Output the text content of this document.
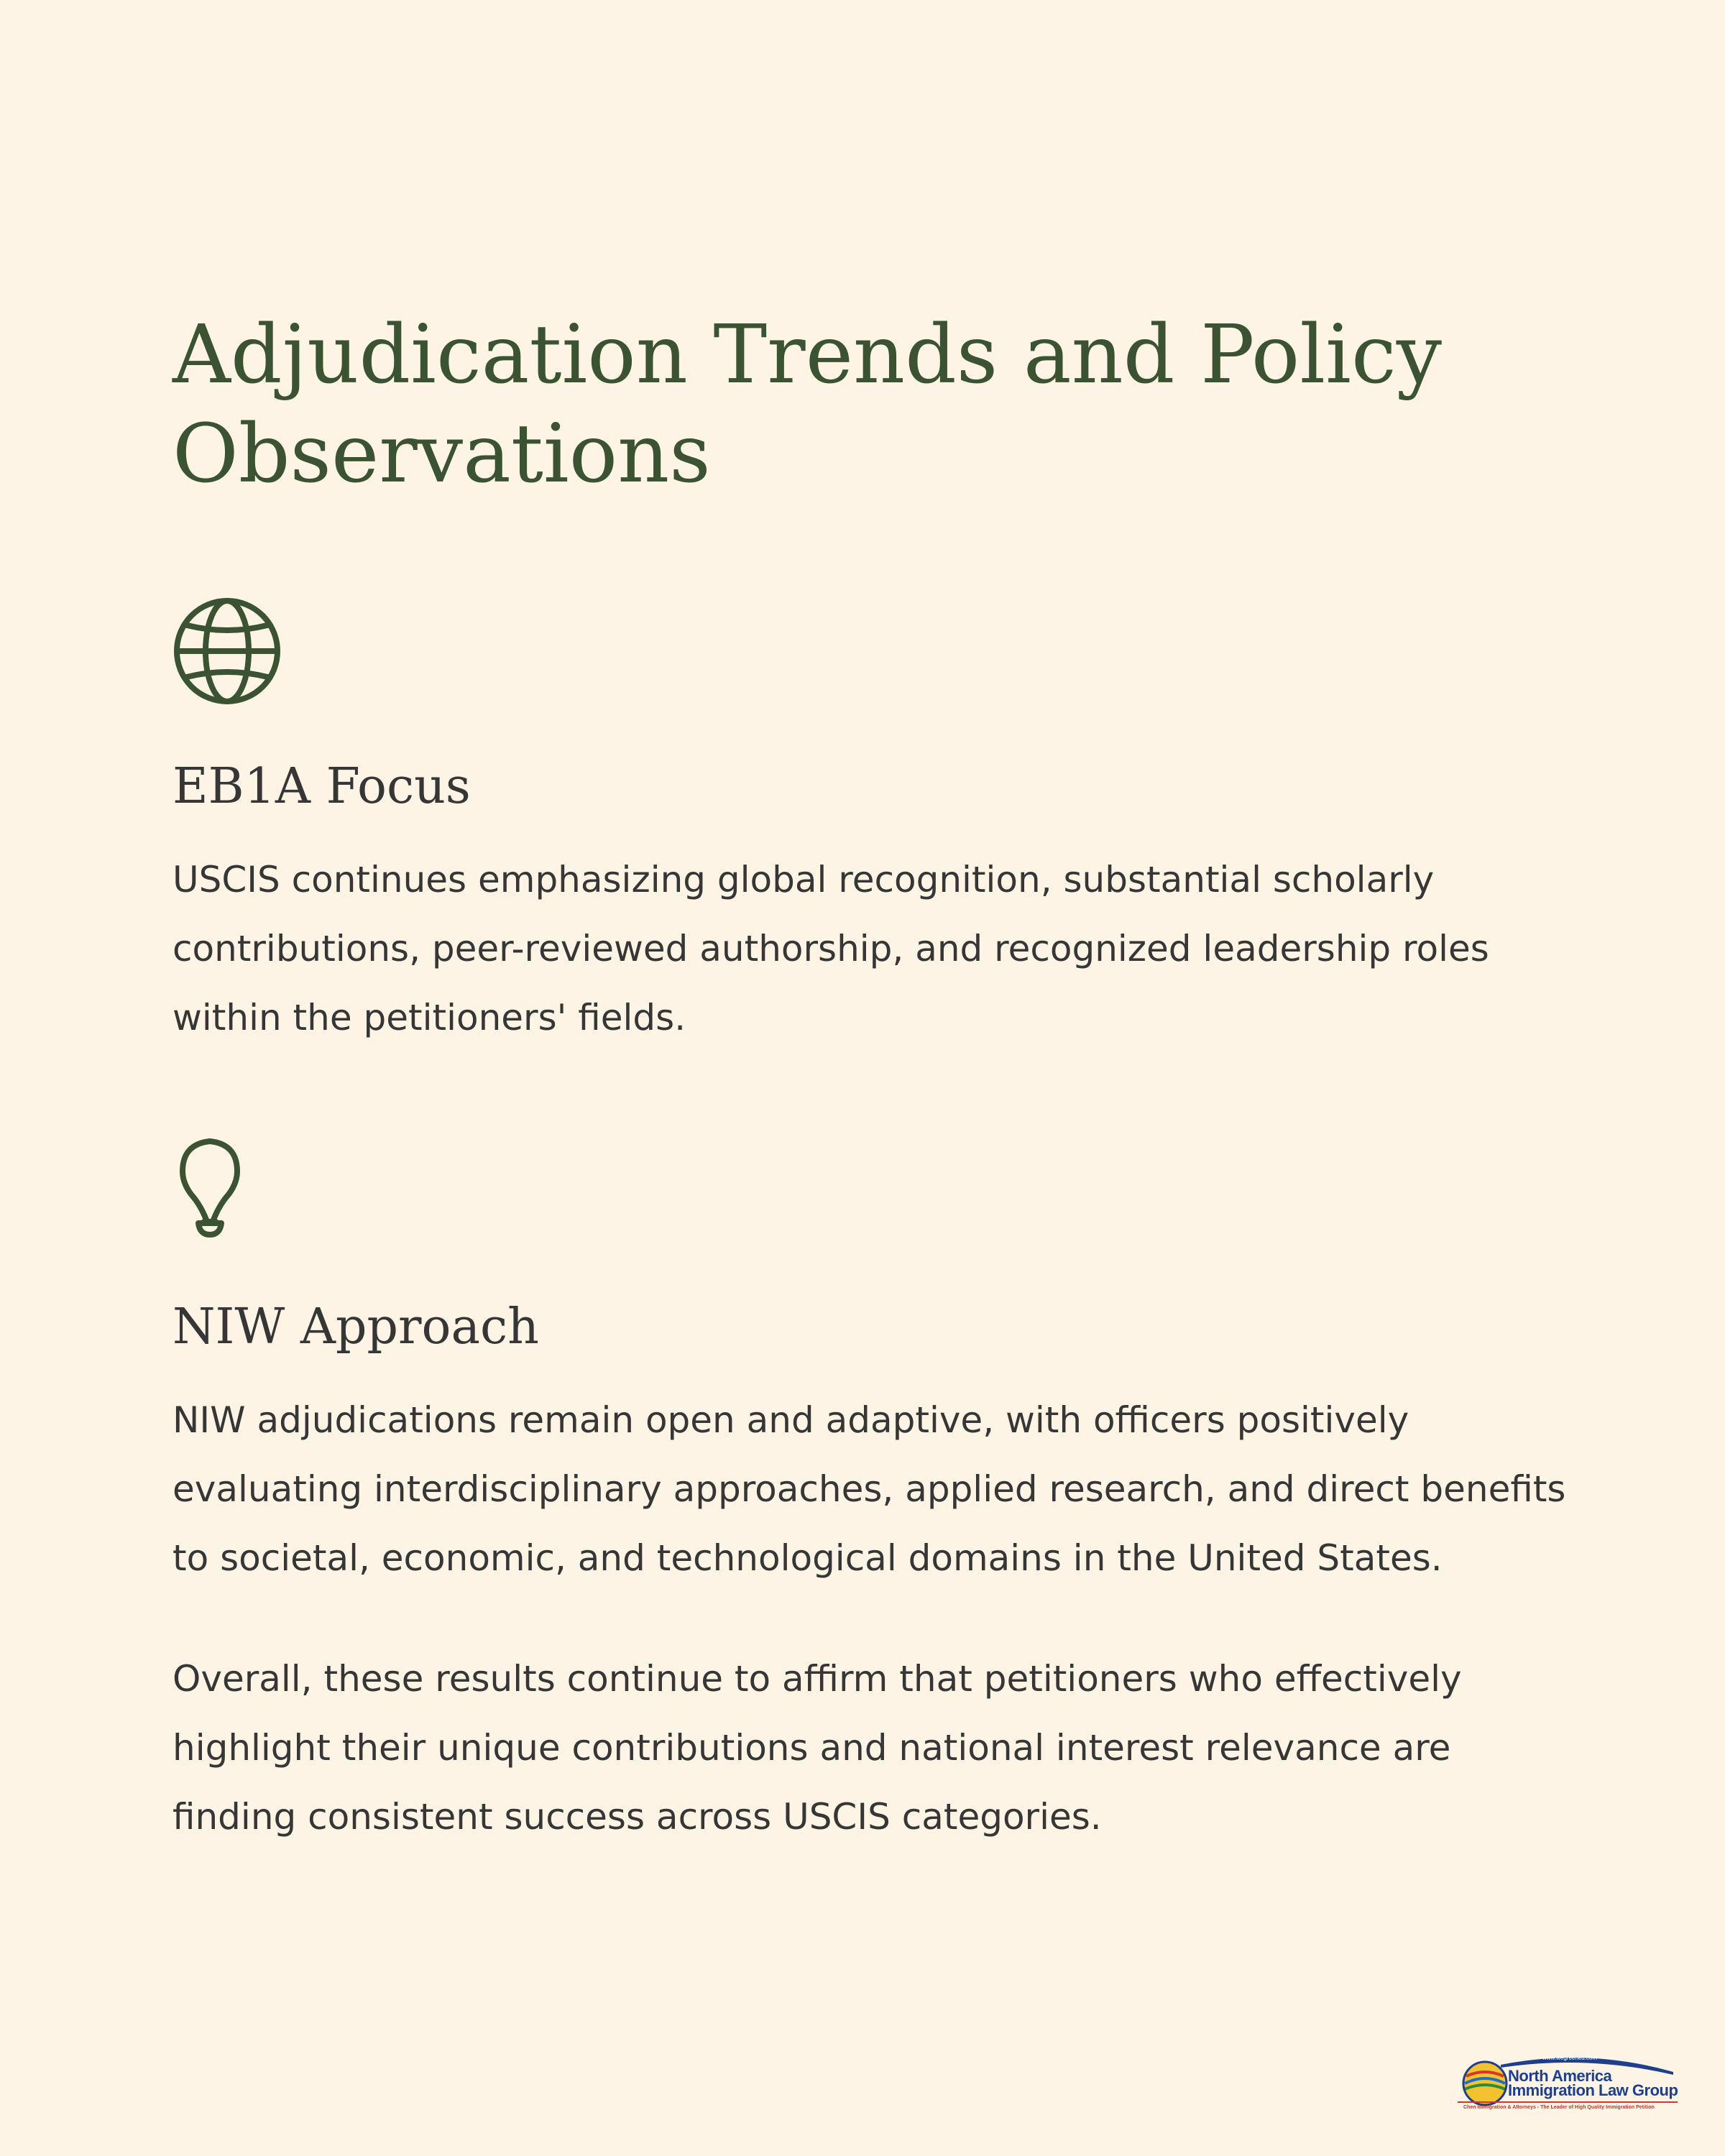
Adjudication Trends and Policy Observations
EB1A Focus

USCIS continues emphasizing global recognition, substantial scholarly contributions, peer-reviewed authorship, and recognized leadership roles within the petitioners' fields.

NIW Approach

NIW adjudications remain open and adaptive, with officers positively evaluating interdisciplinary approaches, applied research, and direct benefits to societal, economic, and technological domains in the United States.

Overall, these results continue to affirm that petitioners who effectively highlight their unique contributions and national interest relevance are finding consistent success across USCIS categories.

www.wegreened.com
North America
Immigration Law Group
Chen Immigration & Attorneys - The Leader of High Quality Immigration Petition
